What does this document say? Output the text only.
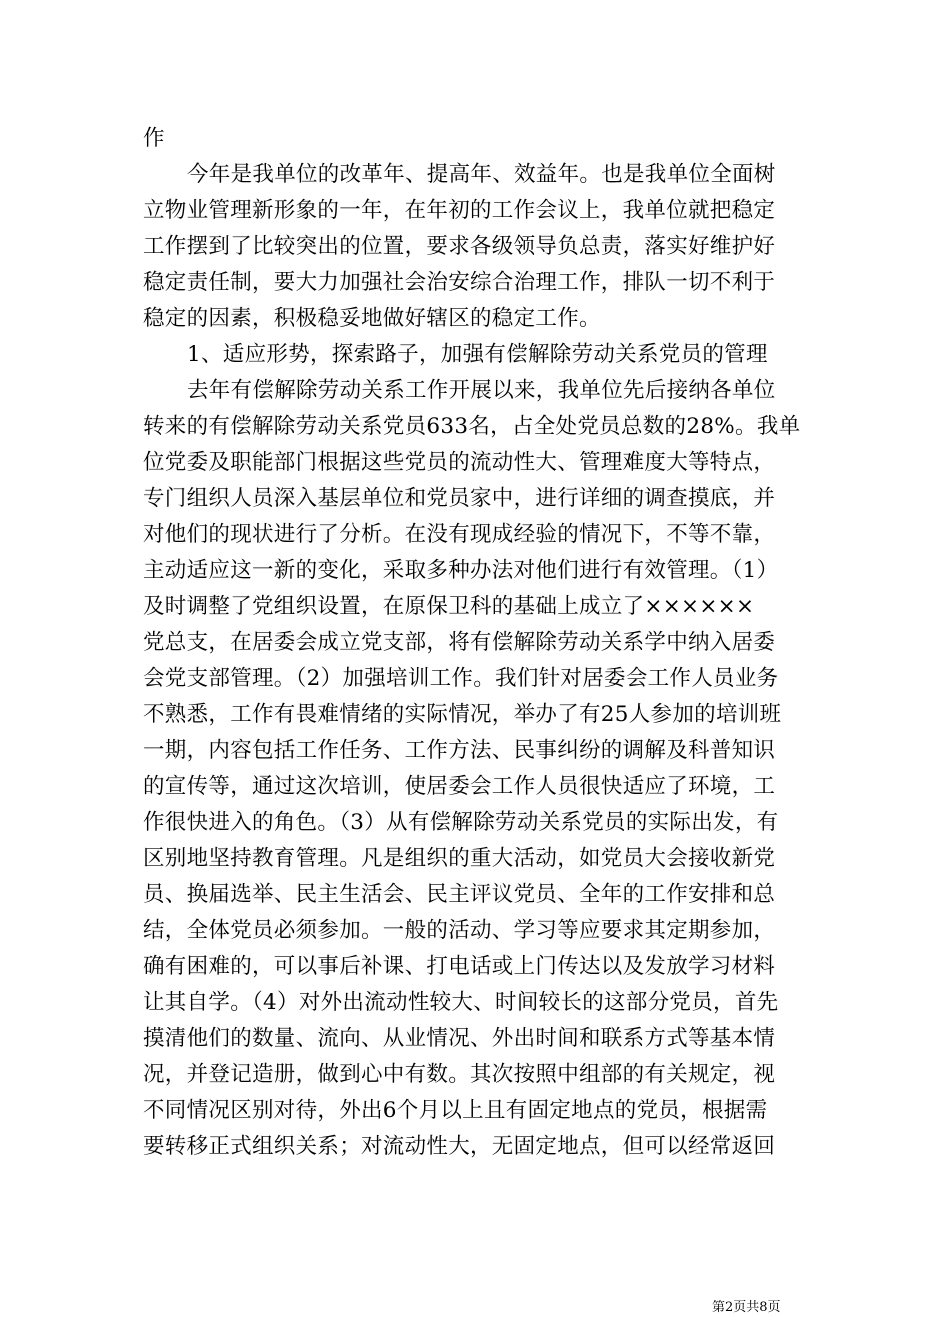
作
今年是我单位的改革年、提高年、效益年。也是我单位全面树
立物业管理新形象的一年，在年初的工作会议上，我单位就把稳定
工作摆到了比较突出的位置，要求各级领导负总责，落实好维护好
稳定责任制，要大力加强社会治安综合治理工作，排队一切不利于
稳定的因素，积极稳妥地做好辖区的稳定工作。
1、适应形势，探索路子，加强有偿解除劳动关系党员的管理
去年有偿解除劳动关系工作开展以来，我单位先后接纳各单位
转来的有偿解除劳动关系党员633名，占全处党员总数的28%。我单
位党委及职能部门根据这些党员的流动性大、管理难度大等特点，
专门组织人员深入基层单位和党员家中，进行详细的调查摸底，并
对他们的现状进行了分析。在没有现成经验的情况下，不等不靠，
主动适应这一新的变化，采取多种办法对他们进行有效管理。（1）
及时调整了党组织设置，在原保卫科的基础上成立了××××××
党总支，在居委会成立党支部，将有偿解除劳动关系学中纳入居委
会党支部管理。（2）加强培训工作。我们针对居委会工作人员业务
不熟悉，工作有畏难情绪的实际情况，举办了有25人参加的培训班
一期，内容包括工作任务、工作方法、民事纠纷的调解及科普知识
的宣传等，通过这次培训，使居委会工作人员很快适应了环境，工
作很快进入的角色。（3）从有偿解除劳动关系党员的实际出发，有
区别地坚持教育管理。凡是组织的重大活动，如党员大会接收新党
员、换届选举、民主生活会、民主评议党员、全年的工作安排和总
结，全体党员必须参加。一般的活动、学习等应要求其定期参加，
确有困难的，可以事后补课、打电话或上门传达以及发放学习材料
让其自学。（4）对外出流动性较大、时间较长的这部分党员，首先
摸清他们的数量、流向、从业情况、外出时间和联系方式等基本情
况，并登记造册，做到心中有数。其次按照中组部的有关规定，视
不同情况区别对待，外出6个月以上且有固定地点的党员，根据需
要转移正式组织关系；对流动性大，无固定地点，但可以经常返回
第2页共8页
